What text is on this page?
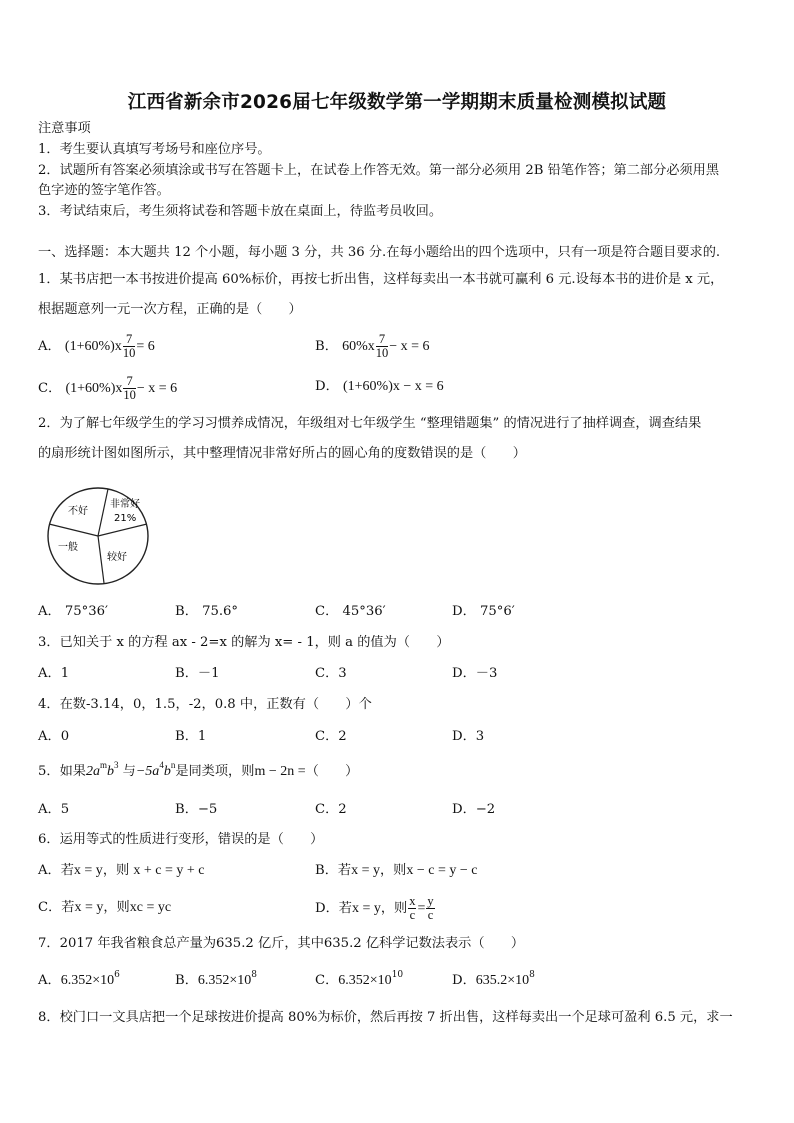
江西省新余市2026届七年级数学第一学期期末质量检测模拟试题
注意事项
1．考生要认真填写考场号和座位序号。
2．试题所有答案必须填涂或书写在答题卡上，在试卷上作答无效。第一部分必须用 2B 铅笔作答；第二部分必须用黑
色字迹的签字笔作答。
3．考试结束后，考生须将试卷和答题卡放在桌面上，待监考员收回。
一、选择题：本大题共 12 个小题，每小题 3 分，共 36 分.在每小题给出的四个选项中，只有一项是符合题目要求的.
1．某书店把一本书按进价提高 60%标价，再按七折出售，这样每卖出一本书就可赢利 6 元.设每本书的进价是 x 元，
根据题意列一元一次方程，正确的是（　　）
A． $(1+60\%)x \frac{7}{10} = 6$	B． $60\%x \frac{7}{10} - x = 6$
C． $(1+60\%)x \frac{7}{10} - x = 6$	D． (1+60%)x − x = 6
2．为了解七年级学生的学习习惯养成情况，年级组对七年级学生 “整理错题集” 的情况进行了抽样调查，调查结果
的扇形统计图如图所示，其中整理情况非常好所占的圆心角的度数错误的是（　　）
不好
非常好
21%
一般
较好
A． 75°36′	B． 75.6°	C． 45°36′	D． 75°6′
3．已知关于 x 的方程 ax - 2=x 的解为 x= - 1，则 a 的值为（　　）
A．1	B．－1	C．3	D．－3
4．在数-3.14，0，1.5，-2，0.8 中，正数有（　　）个
A．0	B．1	C．2	D．3
5．如果$2a^mb^3$ 与$-5a^4b^n$是同类项，则m − 2n =（　　）
A．5	B．−5	C．2	D．−2
6．运用等式的性质进行变形，错误的是（　　）
A．若x = y，则 x + c = y + c	B．若x = y，则x − c = y − c
C．若x = y，则xc = yc	D．若x = y，则 $\frac{x}{c} = \frac{y}{c}$
7．2017 年我省粮食总产量为635.2 亿斤，其中635.2 亿科学记数法表示（　　）
A．$6.352\times 10^6$	B．$6.352\times 10^8$	C．$6.352\times 10^{10}$	D．$635.2\times 10^8$
8．校门口一文具店把一个足球按进价提高 80%为标价，然后再按 7 折出售，这样每卖出一个足球可盈利 6.5 元，求一
